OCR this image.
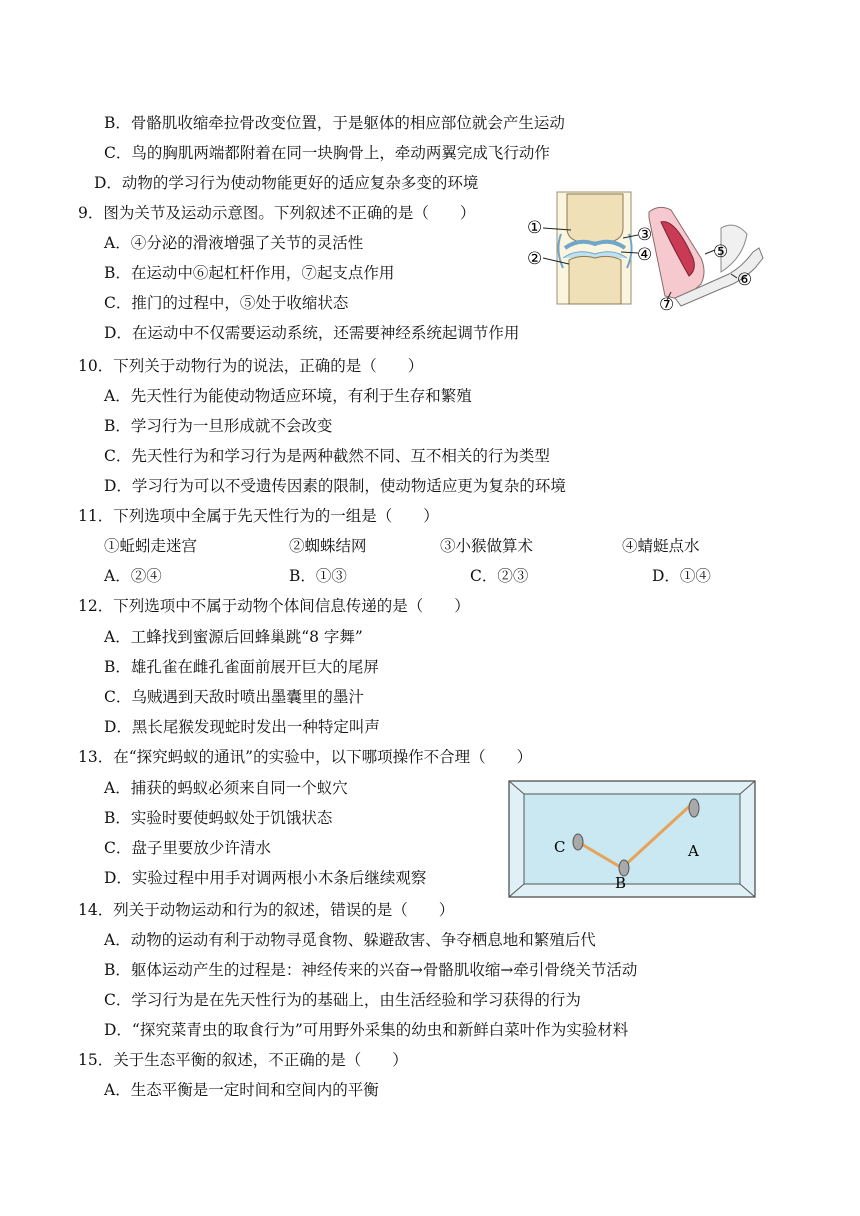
B．骨骼肌收缩牵拉骨改变位置，于是躯体的相应部位就会产生运动
C．鸟的胸肌两端都附着在同一块胸骨上，牵动两翼完成飞行动作
D．动物的学习行为使动物能更好的适应复杂多变的环境
9．图为关节及运动示意图。下列叙述不正确的是（　　）
A．④分泌的滑液增强了关节的灵活性
B．在运动中⑥起杠杆作用，⑦起支点作用
C．推门的过程中，⑤处于收缩状态
D．在运动中不仅需要运动系统，还需要神经系统起调节作用
①
②
③
④	⑤
⑥
⑦
10．下列关于动物行为的说法，正确的是（　　）
A．先天性行为能使动物适应环境，有利于生存和繁殖
B．学习行为一旦形成就不会改变
C．先天性行为和学习行为是两种截然不同、互不相关的行为类型
D．学习行为可以不受遗传因素的限制，使动物适应更为复杂的环境
11．下列选项中全属于先天性行为的一组是（　　）
①蚯蚓走迷宫	②蜘蛛结网	③小猴做算术	④蜻蜓点水
A．②④	B．①③	C．②③	D．①④
12．下列选项中不属于动物个体间信息传递的是（　　）
A．工蜂找到蜜源后回蜂巢跳“8 字舞”
B．雄孔雀在雌孔雀面前展开巨大的尾屏
C．乌贼遇到天敌时喷出墨囊里的墨汁
D．黑长尾猴发现蛇时发出一种特定叫声
13．在“探究蚂蚁的通讯”的实验中，以下哪项操作不合理（　　）
A．捕获的蚂蚁必须来自同一个蚁穴
B．实验时要使蚂蚁处于饥饿状态
C．盘子里要放少许清水
D．实验过程中用手对调两根小木条后继续观察
C
B
A
14．列关于动物运动和行为的叙述，错误的是（　　）
A．动物的运动有利于动物寻觅食物、躲避敌害、争夺栖息地和繁殖后代
B．躯体运动产生的过程是：神经传来的兴奋→骨骼肌收缩→牵引骨绕关节活动
C．学习行为是在先天性行为的基础上，由生活经验和学习获得的行为
D．“探究菜青虫的取食行为”可用野外采集的幼虫和新鲜白菜叶作为实验材料
15．关于生态平衡的叙述，不正确的是（　　）
A．生态平衡是一定时间和空间内的平衡
